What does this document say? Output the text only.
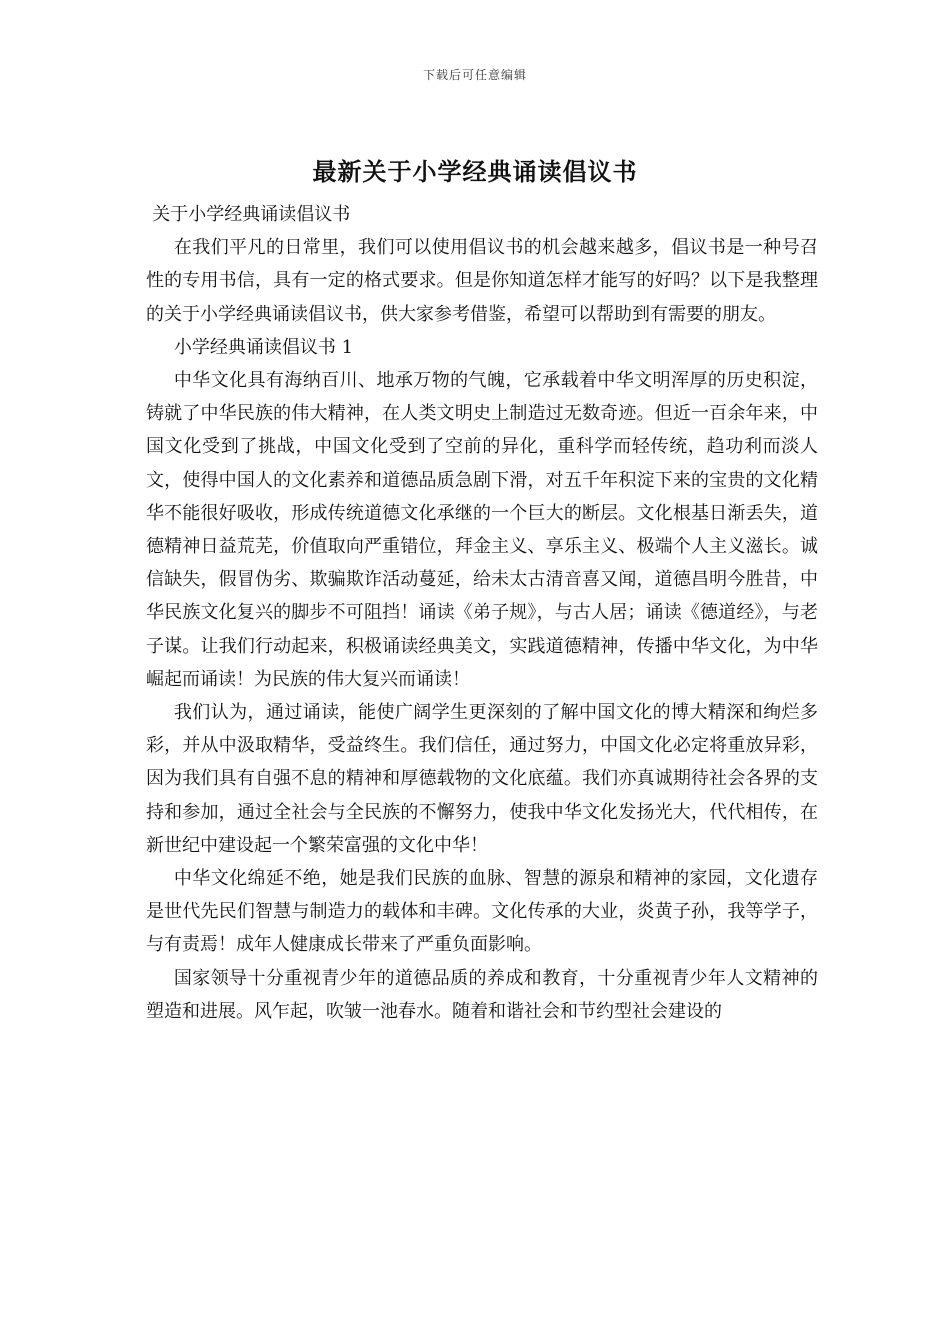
下载后可任意编辑
最新关于小学经典诵读倡议书

关于小学经典诵读倡议书

在我们平凡的日常里，我们可以使用倡议书的机会越来越多，倡议书是一种号召性的专用书信，具有一定的格式要求。但是你知道怎样才能写的好吗？以下是我整理的关于小学经典诵读倡议书，供大家参考借鉴，希望可以帮助到有需要的朋友。

小学经典诵读倡议书 1

中华文化具有海纳百川、地承万物的气魄，它承载着中华文明浑厚的历史积淀，铸就了中华民族的伟大精神，在人类文明史上制造过无数奇迹。但近一百余年来，中国文化受到了挑战，中国文化受到了空前的异化，重科学而轻传统，趋功利而淡人文，使得中国人的文化素养和道德品质急剧下滑，对五千年积淀下来的宝贵的文化精华不能很好吸收，形成传统道德文化承继的一个巨大的断层。文化根基日渐丢失，道德精神日益荒芜，价值取向严重错位，拜金主义、享乐主义、极端个人主义滋长。诚信缺失，假冒伪劣、欺骗欺诈活动蔓延，给未太古清音喜又闻，道德昌明今胜昔，中华民族文化复兴的脚步不可阻挡！诵读《弟子规》，与古人居；诵读《德道经》，与老子谋。让我们行动起来，积极诵读经典美文，实践道德精神，传播中华文化，为中华崛起而诵读！为民族的伟大复兴而诵读！

我们认为，通过诵读，能使广阔学生更深刻的了解中国文化的博大精深和绚烂多彩，并从中汲取精华，受益终生。我们信任，通过努力，中国文化必定将重放异彩，因为我们具有自强不息的精神和厚德载物的文化底蕴。我们亦真诚期待社会各界的支持和参加，通过全社会与全民族的不懈努力，使我中华文化发扬光大，代代相传，在新世纪中建设起一个繁荣富强的文化中华！

中华文化绵延不绝，她是我们民族的血脉、智慧的源泉和精神的家园，文化遗存是世代先民们智慧与制造力的载体和丰碑。文化传承的大业，炎黄子孙，我等学子，与有责焉！成年人健康成长带来了严重负面影响。

国家领导十分重视青少年的道德品质的养成和教育，十分重视青少年人文精神的塑造和进展。风乍起，吹皱一池春水。随着和谐社会和节约型社会建设的
